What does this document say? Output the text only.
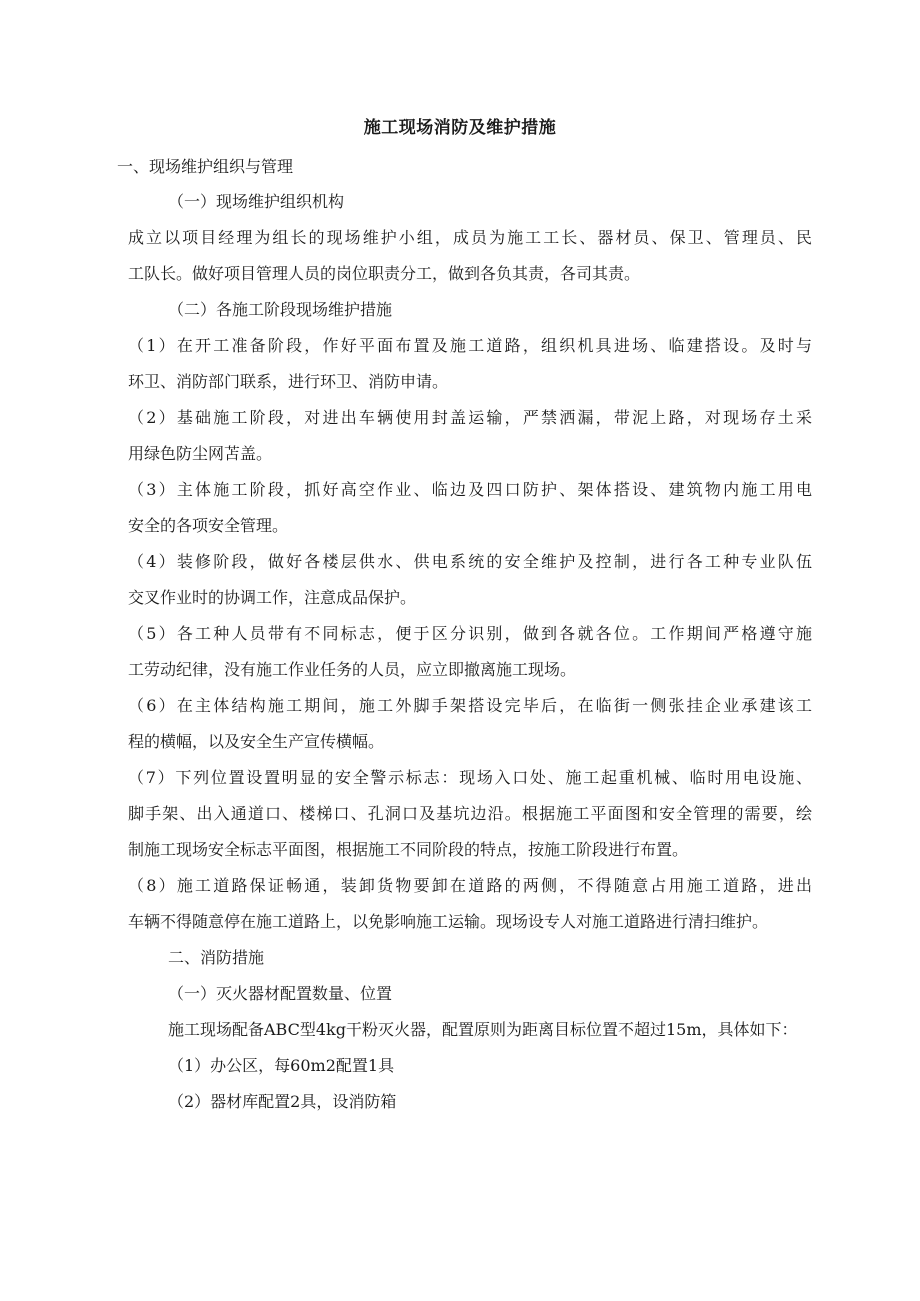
施工现场消防及维护措施
一、现场维护组织与管理
（一）现场维护组织机构
成立以项目经理为组长的现场维护小组，成员为施工工长、器材员、保卫、管理员、民
工队长。做好项目管理人员的岗位职责分工，做到各负其责，各司其责。
（二）各施工阶段现场维护措施
（1）在开工准备阶段，作好平面布置及施工道路，组织机具进场、临建搭设。及时与
环卫、消防部门联系，进行环卫、消防申请。
（2）基础施工阶段，对进出车辆使用封盖运输，严禁洒漏，带泥上路，对现场存土采
用绿色防尘网苫盖。
（3）主体施工阶段，抓好高空作业、临边及四口防护、架体搭设、建筑物内施工用电
安全的各项安全管理。
（4）装修阶段，做好各楼层供水、供电系统的安全维护及控制，进行各工种专业队伍
交叉作业时的协调工作，注意成品保护。
（5）各工种人员带有不同标志，便于区分识别，做到各就各位。工作期间严格遵守施
工劳动纪律，没有施工作业任务的人员，应立即撤离施工现场。
（6）在主体结构施工期间，施工外脚手架搭设完毕后，在临街一侧张挂企业承建该工
程的横幅，以及安全生产宣传横幅。
（7）下列位置设置明显的安全警示标志：现场入口处、施工起重机械、临时用电设施、
脚手架、出入通道口、楼梯口、孔洞口及基坑边沿。根据施工平面图和安全管理的需要，绘
制施工现场安全标志平面图，根据施工不同阶段的特点，按施工阶段进行布置。
（8）施工道路保证畅通，装卸货物要卸在道路的两侧，不得随意占用施工道路，进出
车辆不得随意停在施工道路上，以免影响施工运输。现场设专人对施工道路进行清扫维护。
二、消防措施
（一）灭火器材配置数量、位置
施工现场配备ABC型4kg干粉灭火器，配置原则为距离目标位置不超过15m，具体如下：
（1）办公区，每60m2配置1具
（2）器材库配置2具，设消防箱
